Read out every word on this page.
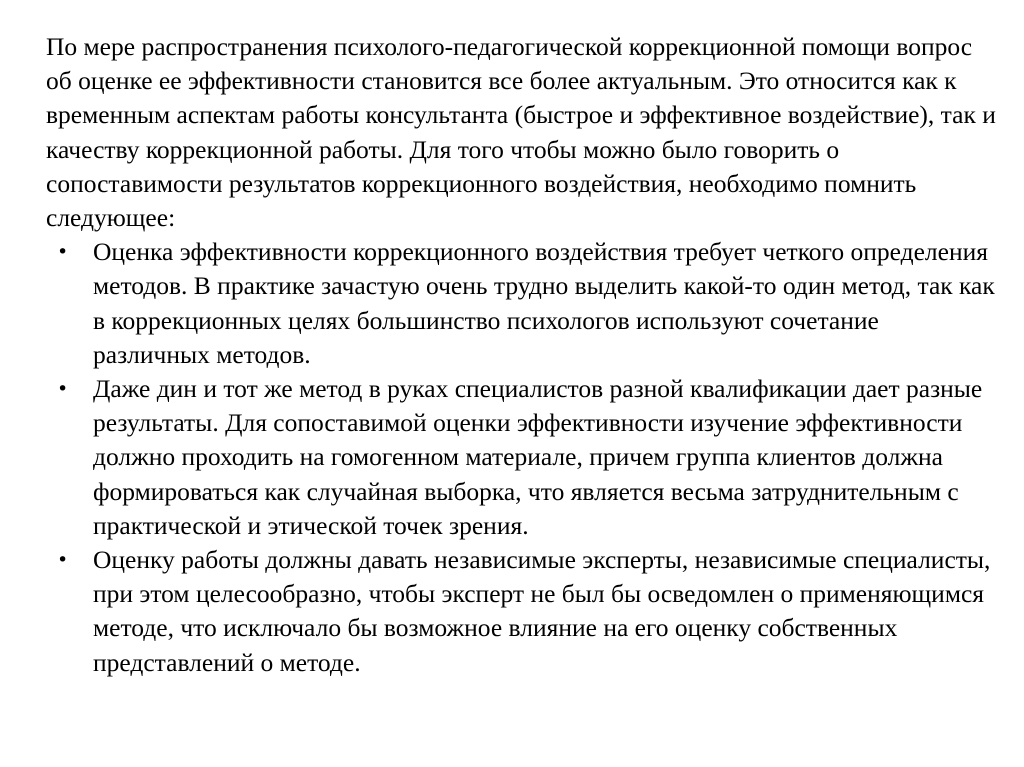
По мере распространения психолого-педагогической коррекционной помощи вопрос об оценке ее эффективности становится все более актуальным. Это относится как к временным аспектам работы консультанта (быстрое и эффективное воздействие), так и качеству коррекционной работы. Для того чтобы можно было говорить о сопоставимости результатов коррекционного воздействия, необходимо помнить следующее:

• Оценка эффективности коррекционного воздействия требует четкого определения методов. В практике зачастую очень трудно выделить какой-то один метод, так как в коррекционных целях большинство психологов используют сочетание различных методов.
• Даже дин и тот же метод в руках специалистов разной квалификации дает разные результаты. Для сопоставимой оценки эффективности изучение эффективности должно проходить на гомогенном материале, причем группа клиентов должна формироваться как случайная выборка, что является весьма затруднительным с практической и этической точек зрения.
• Оценку работы должны давать независимые эксперты, независимые специалисты, при этом целесообразно, чтобы эксперт не был бы осведомлен о применяющимся методе, что исключало бы возможное влияние на его оценку собственных представлений о методе.
